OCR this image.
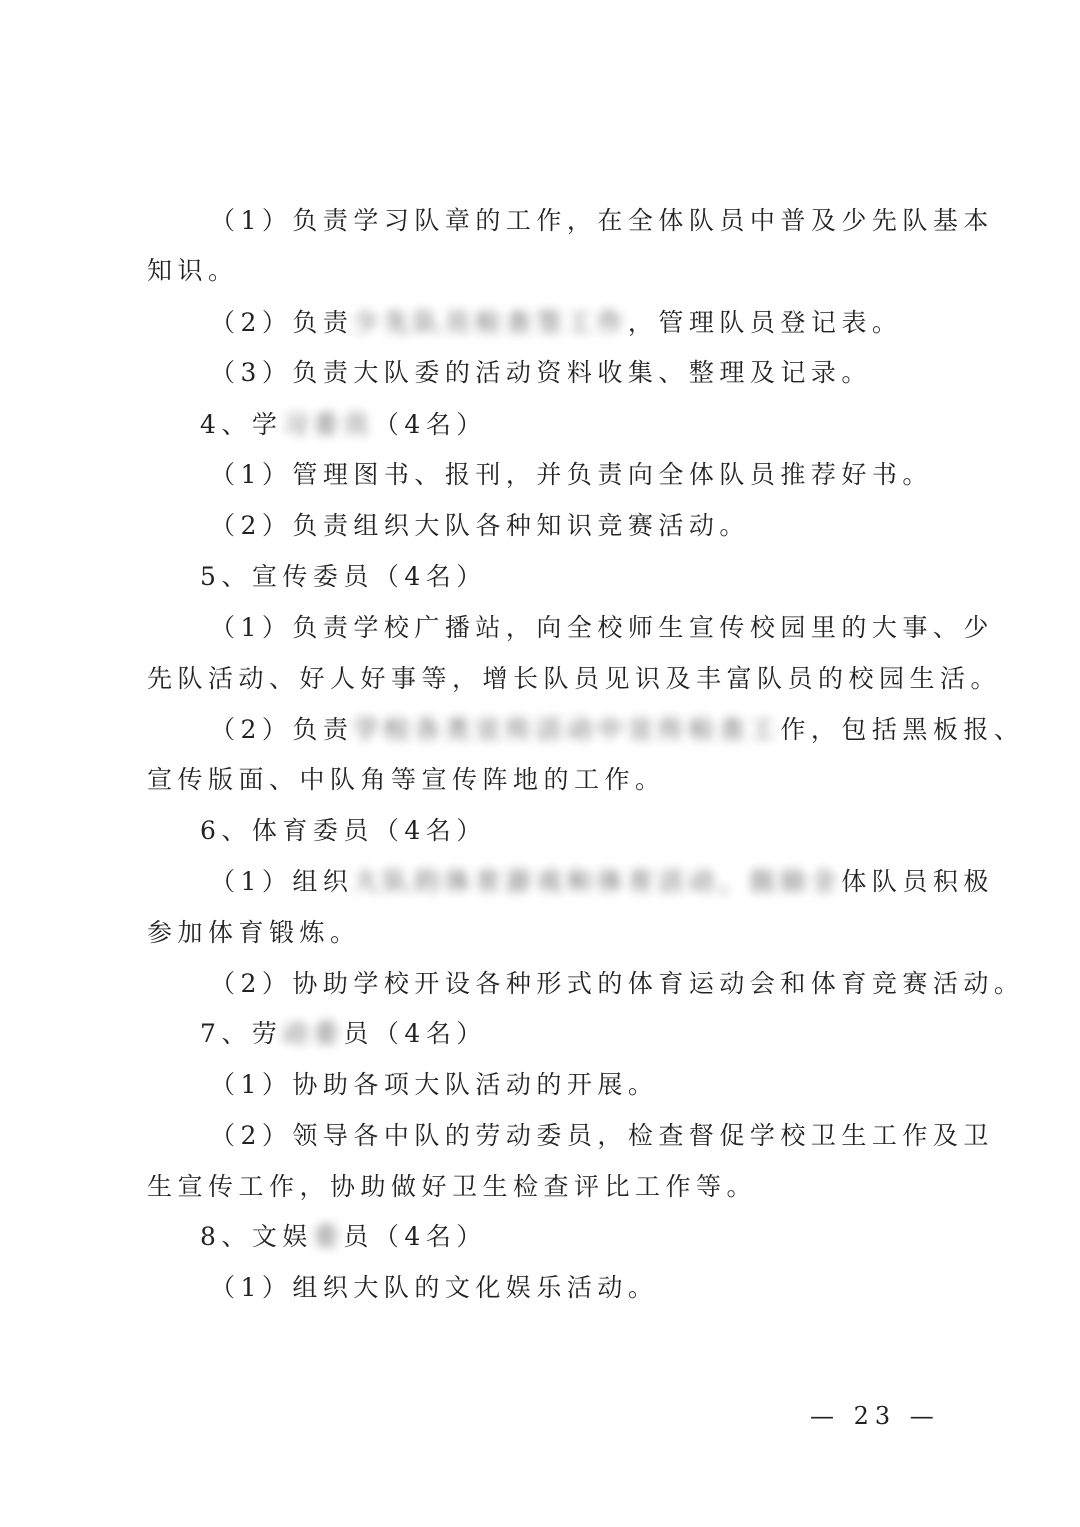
（1）负责学习队章的工作，在全体队员中普及少先队基本
知识。
（2）负责少先队员检查签工作，管理队员登记表。
（3）负责大队委的活动资料收集、整理及记录。
4、学习委员（4名）
（1）管理图书、报刊，并负责向全体队员推荐好书。
（2）负责组织大队各种知识竞赛活动。
5、宣传委员（4名）
（1）负责学校广播站，向全校师生宣传校园里的大事、少
先队活动、好人好事等，增长队员见识及丰富队员的校园生活。
（2）负责学校各类宣传活动中宣传检查工作，包括黑板报、
宣传版面、中队角等宣传阵地的工作。
6、体育委员（4名）
（1）组织大队的体育游戏和体育活动，鼓励全体队员积极
参加体育锻炼。
（2）协助学校开设各种形式的体育运动会和体育竞赛活动。
7、劳动委员（4名）
（1）协助各项大队活动的开展。
（2）领导各中队的劳动委员，检查督促学校卫生工作及卫
生宣传工作，协助做好卫生检查评比工作等。
8、文娱委员（4名）
（1）组织大队的文化娱乐活动。
— 23 —
